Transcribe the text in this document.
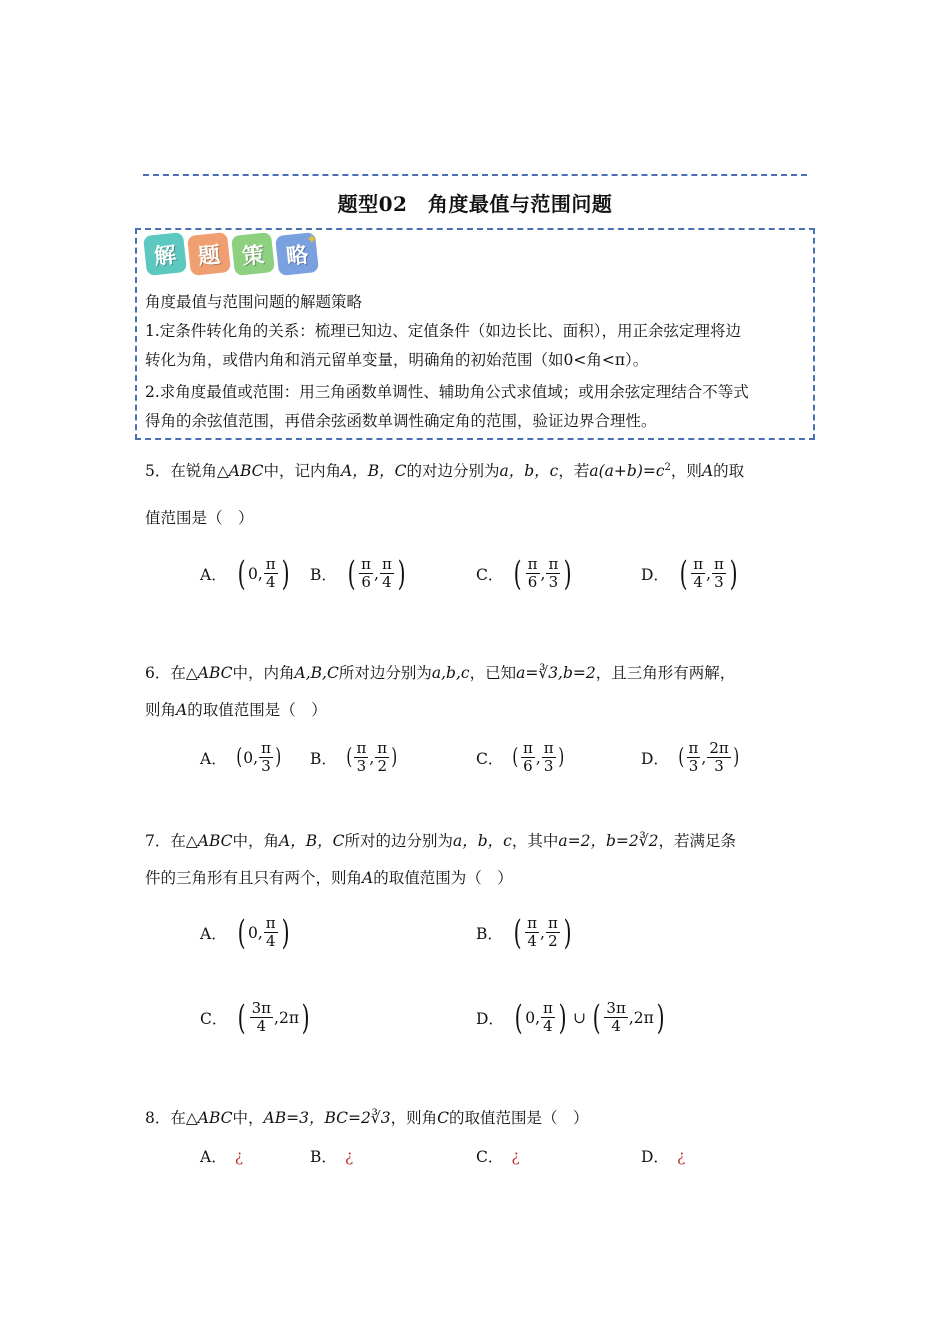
题型02　角度最值与范围问题
解 题 策 略
✦
角度最值与范围问题的解题策略
1.定条件转化角的关系：梳理已知边、定值条件（如边长比、面积），用正余弦定理将边
转化为角，或借内角和消元留单变量，明确角的初始范围（如0<角<π）。
2.求角度最值或范围：用三角函数单调性、辅助角公式求值域；或用余弦定理结合不等式
得角的余弦值范围，再借余弦函数单调性确定角的范围，验证边界合理性。
5．在锐角△ABC中，记内角A，B，C的对边分别为a，b，c，若$a(a+b)=c^2$，则A的取
值范围是（　）
A． ( 0 , $\frac{\pi}{4}$ ) B． ( $\frac{\pi}{6}$ , $\frac{\pi}{4}$ )	C． ( $\frac{\pi}{6}$ , $\frac{\pi}{3}$ )	D． ( $\frac{\pi}{4}$ , $\frac{\pi}{3}$ )
6．在△ABC中，内角A,B,C所对边分别为a,b,c，已知a=∛3,b=2，且三角形有两解，
则角A的取值范围是（　）
A． ( 0 , $\frac{\pi}{3}$ ) B． ( $\frac{\pi}{3}$ , $\frac{\pi}{2}$ )	C． ( $\frac{\pi}{6}$ , $\frac{\pi}{3}$ )	D． ( $\frac{\pi}{3}$ , $\frac{2\pi}{3}$ )
7．在△ABC中，角A，B，C所对的边分别为a，b，c，其中a=2，b=2∛2，若满足条
件的三角形有且只有两个，则角A的取值范围为（　）
A． ( 0 , $\frac{\pi}{4}$ )	B． ( $\frac{\pi}{4}$ , $\frac{\pi}{2}$ )
C． ( $\frac{3\pi}{4} ,2\pi$ )	D． ( 0 , $\frac{\pi}{4}$ ) ∪ ( $\frac{3\pi}{4} ,2\pi$ )
8．在△ABC中，AB=3，BC=2∛3，则角C的取值范围是（　）
A． ¿	B． ¿	C． ¿	D． ¿
